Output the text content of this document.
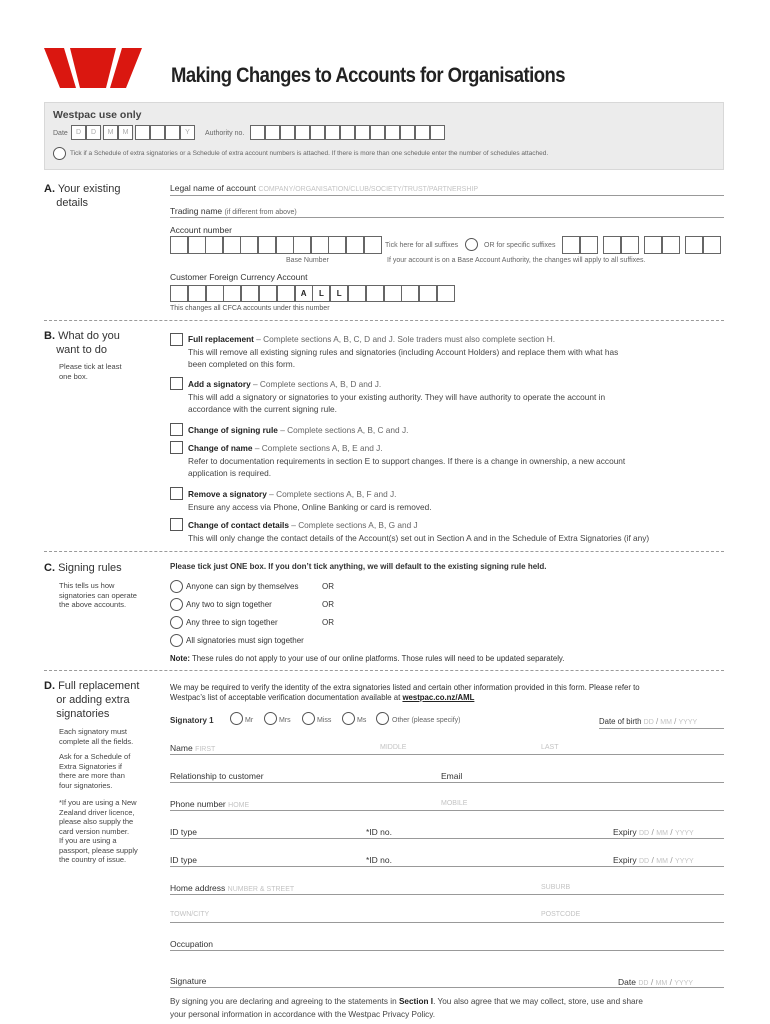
Making Changes to Accounts for Organisations
Westpac use only
Date	D	D	M	M	Y	Authority no.
Tick if a Schedule of extra signatories or a Schedule of extra account numbers is attached. If there is more than one schedule enter the number of schedules attached.
A. Your existing
details
Legal name of account COMPANY/ORGANISATION/CLUB/SOCIETY/TRUST/PARTNERSHIP
Trading name (if different from above)
Account number
Tick here for all suffixes	OR for specific suffixes
Base Number	If your account is on a Base Account Authority, the changes will apply to all suffixes.
Customer Foreign Currency Account
A	L	L
This changes all CFCA accounts under this number
B. What do you
want to do
Please tick at least
one box.
Full replacement – Complete sections A, B, C, D and J. Sole traders must also complete section H.
This will remove all existing signing rules and signatories (including Account Holders) and replace them with what has
been completed on this form.
Add a signatory – Complete sections A, B, D and J.
This will add a signatory or signatories to your existing authority. They will have authority to operate the account in
accordance with the current signing rule.
Change of signing rule – Complete sections A, B, C and J.
Change of name – Complete sections A, B, E and J.
Refer to documentation requirements in section E to support changes. If there is a change in ownership, a new account
application is required.
Remove a signatory – Complete sections A, B, F and J.
Ensure any access via Phone, Online Banking or card is removed.
Change of contact details – Complete sections A, B, G and J
This will only change the contact details of the Account(s) set out in Section A and in the Schedule of Extra Signatories (if any)
C. Signing rules
This tells us how
signatories can operate
the above accounts.
Please tick just ONE box. If you don’t tick anything, we will default to the existing signing rule held.
Anyone can sign by themselves	OR
Any two to sign together	OR
Any three to sign together	OR
All signatories must sign together
Note: These rules do not apply to your use of our online platforms. Those rules will need to be updated separately.
D. Full replacement
or adding extra
signatories
Each signatory must
complete all the fields.
Ask for a Schedule of
Extra Signatories if
there are more than
four signatories.
*If you are using a New
Zealand driver licence,
please also supply the
card version number.
If you are using a
passport, please supply
the country of issue.
We may be required to verify the identity of the extra signatories listed and certain other information provided in this form. Please refer to
Westpac’s list of acceptable verification documentation available at westpac.co.nz/AML
Signatory 1	Mr	Mrs	Miss	Ms	Other (please specify)	Date of birth DD / MM / YYYY
Name FIRST	MIDDLE	LAST
Relationship to customer	Email
Phone number HOME	MOBILE
ID type	*ID no.	Expiry DD / MM / YYYY
ID type	*ID no.	Expiry DD / MM / YYYY
Home address NUMBER & STREET	SUBURB
TOWN/CITY	POSTCODE
Occupation
Signature	Date DD / MM / YYYY
By signing you are declaring and agreeing to the statements in Section I. You also agree that we may collect, store, use and share
your personal information in accordance with the Westpac Privacy Policy.
